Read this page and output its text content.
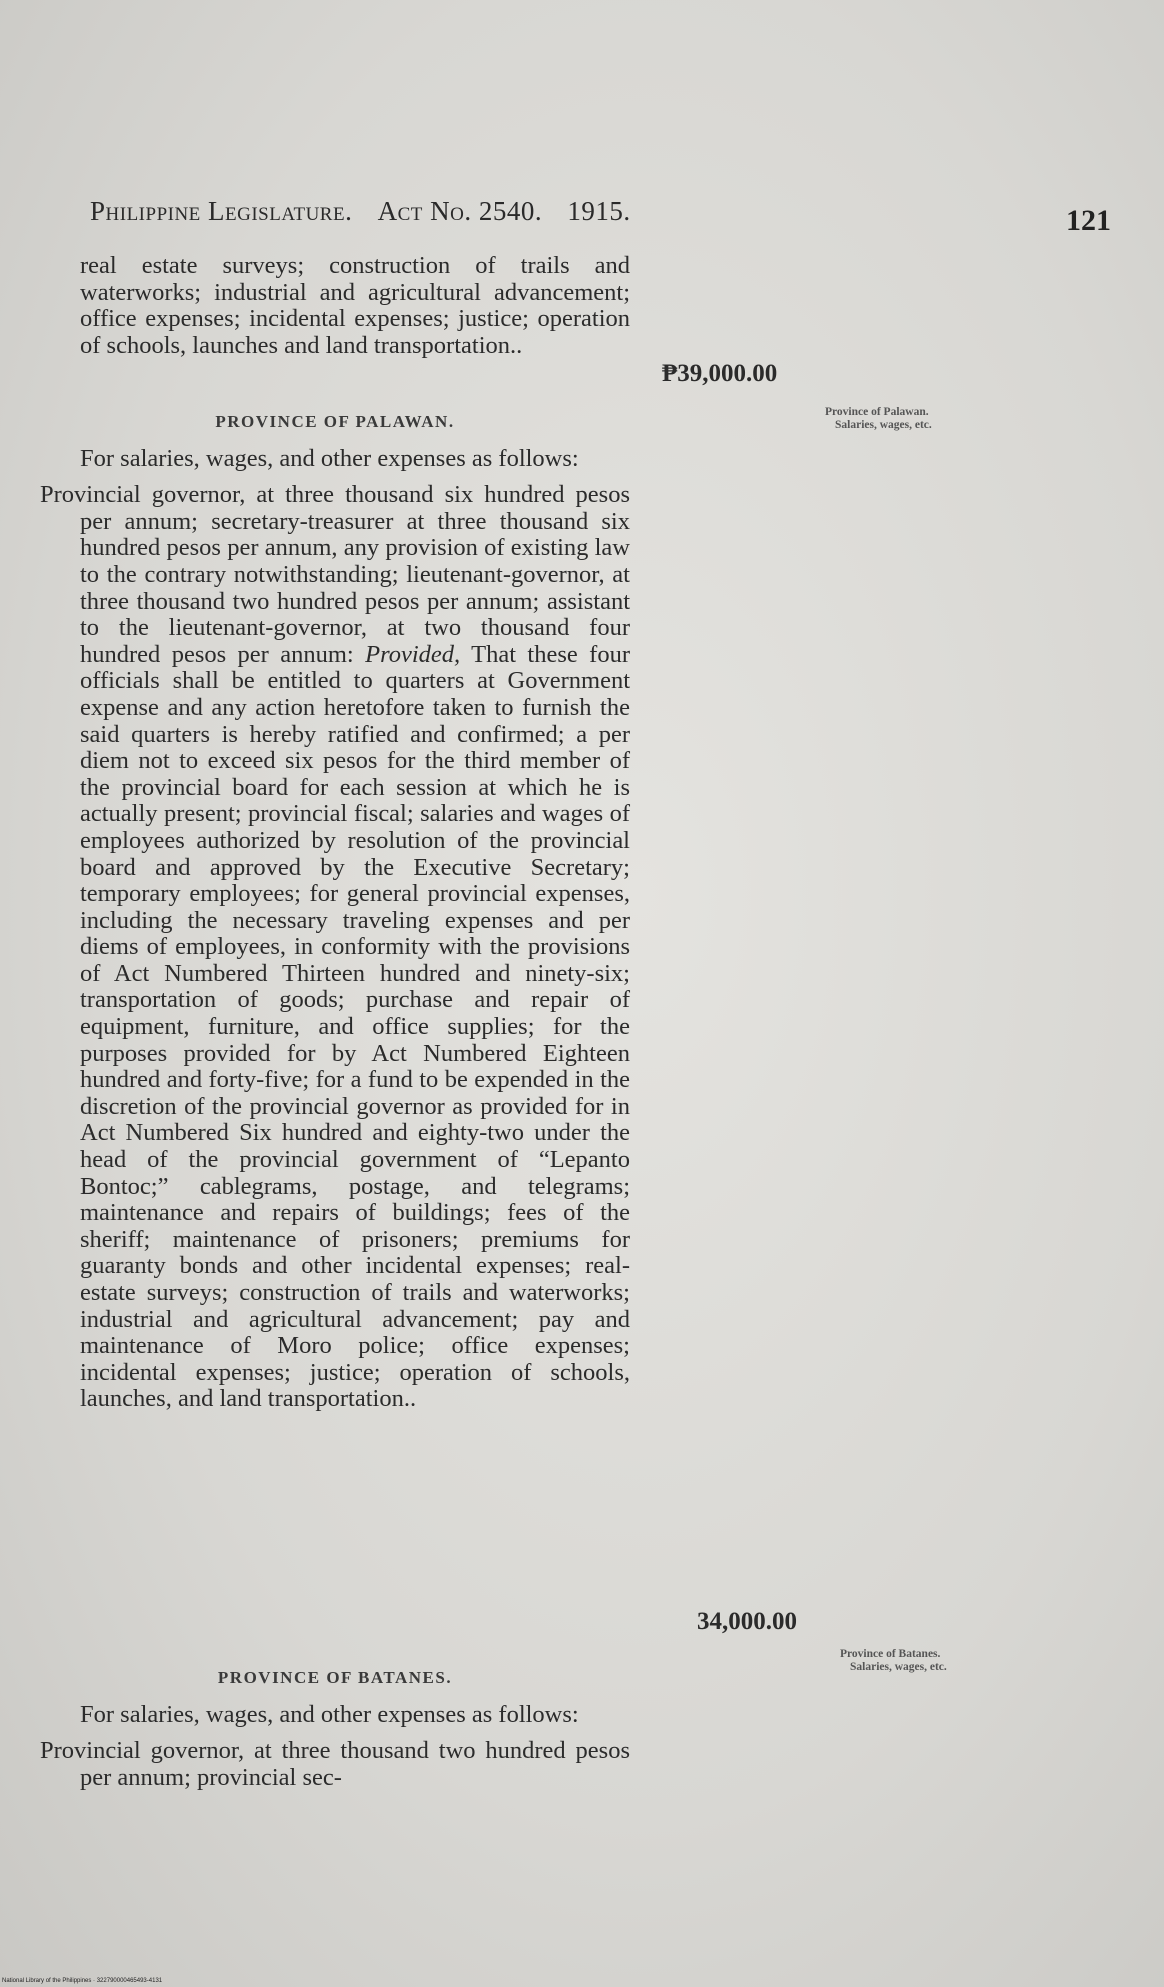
Philippine Legislature. Act No. 2540. 1915.	121

real estate surveys; construction of trails and waterworks; industrial and agricultural advancement; office expenses; incidental expenses; justice; operation of schools, launches and land transportation..

₱39,000.00
PROVINCE OF PALAWAN.

For salaries, wages, and other expenses as follows:

Provincial governor, at three thousand six hundred pesos per annum; secretary-treasurer at three thousand six hundred pesos per annum, any provision of existing law to the contrary notwithstanding; lieutenant-governor, at three thousand two hundred pesos per annum; assistant to the lieutenant-governor, at two thousand four hundred pesos per annum: Provided, That these four officials shall be entitled to quarters at Government expense and any action heretofore taken to furnish the said quarters is hereby ratified and confirmed; a per diem not to exceed six pesos for the third member of the provincial board for each session at which he is actually present; provincial fiscal; salaries and wages of employees authorized by resolution of the provincial board and approved by the Executive Secretary; temporary employees; for general provincial expenses, including the necessary traveling expenses and per diems of employees, in conformity with the provisions of Act Numbered Thirteen hundred and ninety-six; transportation of goods; purchase and repair of equipment, furniture, and office supplies; for the purposes provided for by Act Numbered Eighteen hundred and forty-five; for a fund to be expended in the discretion of the provincial governor as provided for in Act Numbered Six hundred and eighty-two under the head of the provincial government of “Lepanto Bontoc;” cablegrams, postage, and telegrams; maintenance and repairs of buildings; fees of the sheriff; maintenance of prisoners; premiums for guaranty bonds and other incidental expenses; real-estate surveys; construction of trails and waterworks; industrial and agricultural advancement; pay and maintenance of Moro police; office expenses; incidental expenses; justice; operation of schools, launches, and land transportation..

34,000.00
Province of Palawan.
Salaries, wages, etc.
PROVINCE OF BATANES.

For salaries, wages, and other expenses as follows:

Provincial governor, at three thousand two hundred pesos per annum; provincial sec-

Province of Batanes.
Salaries, wages, etc.
National Library of the Philippines · 322790000465493-4131
